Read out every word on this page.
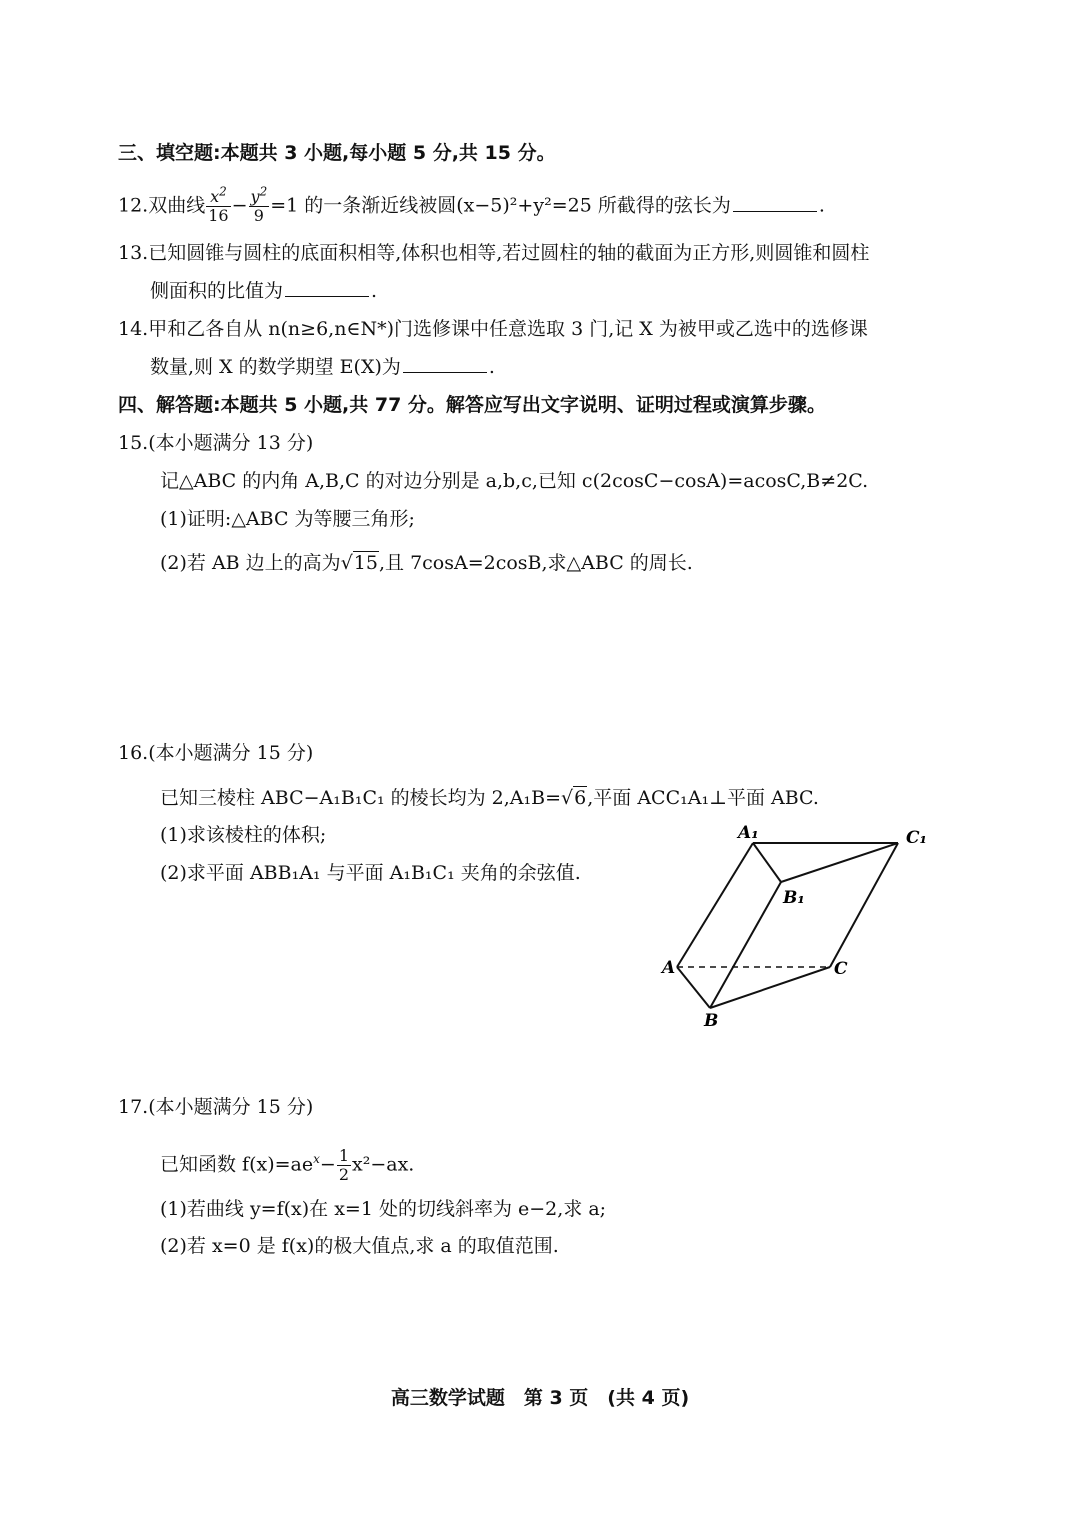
三、填空题:本题共 3 小题,每小题 5 分,共 15 分。
12.双曲线 $\frac{x^2}{16} - \frac{y^2}{9} =1$ 的一条渐近线被圆(x−5)²+y²=25 所截得的弦长为	.
13.已知圆锥与圆柱的底面积相等,体积也相等,若过圆柱的轴的截面为正方形,则圆锥和圆柱
侧面积的比值为	.
14.甲和乙各自从 n(n≥6,n∈N*)门选修课中任意选取 3 门,记 X 为被甲或乙选中的选修课
数量,则 X 的数学期望 E(X)为	.
四、解答题:本题共 5 小题,共 77 分。解答应写出文字说明、证明过程或演算步骤。
15.(本小题满分 13 分)
记△ABC 的内角 A,B,C 的对边分别是 a,b,c,已知 c(2cosC−cosA)=acosC,B≠2C.
(1)证明:△ABC 为等腰三角形;
(2)若 AB 边上的高为√15,且 7cosA=2cosB,求△ABC 的周长.
16.(本小题满分 15 分)
已知三棱柱 ABC−A₁B₁C₁ 的棱长均为 2,A₁B=√6,平面 ACC₁A₁⊥平面 ABC.
(1)求该棱柱的体积;
(2)求平面 ABB₁A₁ 与平面 A₁B₁C₁ 夹角的余弦值.
A₁	C₁
B₁
A	C
B
17.(本小题满分 15 分)
已知函数 $f(x)=ae^x- \frac{1}{2} x^2-ax$.
(1)若曲线 y=f(x)在 x=1 处的切线斜率为 e−2,求 a;
(2)若 x=0 是 f(x)的极大值点,求 a 的取值范围.
高三数学试题　第 3 页　(共 4 页)
